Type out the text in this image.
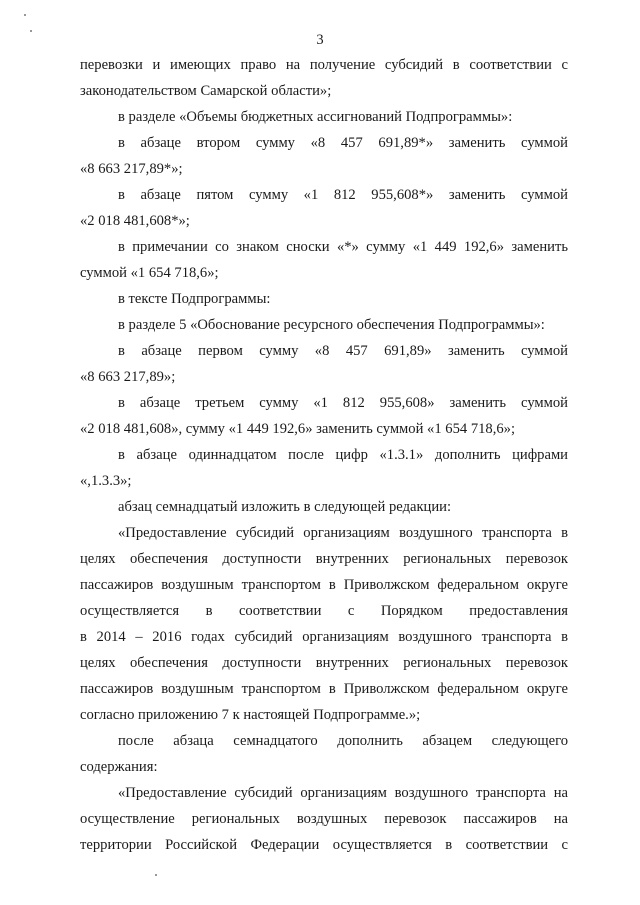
3
перевозки и имеющих право на получение субсидий в соответствии с
законодательством Самарской области»;
в разделе «Объемы бюджетных ассигнований Подпрограммы»:
в абзаце втором сумму «8 457 691,89*» заменить суммой
«8 663 217,89*»;
в абзаце пятом сумму «1 812 955,608*» заменить суммой
«2 018 481,608*»;
в примечании со знаком сноски «*» сумму «1 449 192,6» заменить
суммой «1 654 718,6»;
в тексте Подпрограммы:
в разделе 5 «Обоснование ресурсного обеспечения Подпрограммы»:
в абзаце первом сумму «8 457 691,89» заменить суммой
«8 663 217,89»;
в абзаце третьем сумму «1 812 955,608» заменить суммой
«2 018 481,608», сумму «1 449 192,6» заменить суммой «1 654 718,6»;
в абзаце одиннадцатом после цифр «1.3.1» дополнить цифрами
«,1.3.3»;
абзац семнадцатый изложить в следующей редакции:
«Предоставление субсидий организациям воздушного транспорта в
целях обеспечения доступности внутренних региональных перевозок
пассажиров воздушным транспортом в Приволжском федеральном округе
осуществляется в соответствии с Порядком предоставления
в 2014 – 2016 годах субсидий организациям воздушного транспорта в
целях обеспечения доступности внутренних региональных перевозок
пассажиров воздушным транспортом в Приволжском федеральном округе
согласно приложению 7 к настоящей Подпрограмме.»;
после абзаца семнадцатого дополнить абзацем следующего
содержания:
«Предоставление субсидий организациям воздушного транспорта на
осуществление региональных воздушных перевозок пассажиров на
территории Российской Федерации осуществляется в соответствии с
